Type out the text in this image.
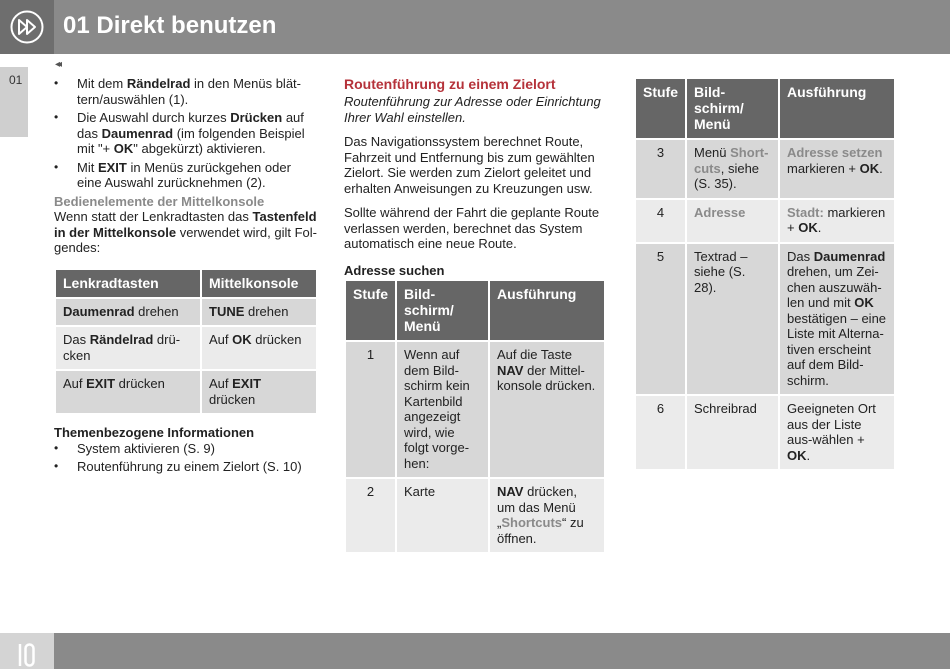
01 Direkt benutzen
01
◂◂
• Mit dem Rändelrad in den Menüs blät-tern/auswählen (1).
• Die Auswahl durch kurzes Drücken auf das Daumenrad (im folgenden Beispiel mit "+ OK" abgekürzt) aktivieren.
• Mit EXIT in Menüs zurückgehen oder eine Auswahl zurücknehmen (2).
Bedienelemente der Mittelkonsole
Wenn statt der Lenkradtasten das Tastenfeld in der Mittelkonsole verwendet wird, gilt Fol-gendes:
Lenkradtasten	Mittelkonsole
Daumenrad drehen	TUNE drehen
Das Rändelrad drü-cken	Auf OK drücken
Auf EXIT drücken	Auf EXIT drücken
Themenbezogene Informationen
• System aktivieren (S. 9)
• Routenführung zu einem Zielort (S. 10)
Routenführung zu einem Zielort
Routenführung zur Adresse oder Einrichtung Ihrer Wahl einstellen.
Das Navigationssystem berechnet Route, Fahrzeit und Entfernung bis zum gewählten Zielort. Sie werden zum Zielort geleitet und erhalten Anweisungen zu Kreuzungen usw.
Sollte während der Fahrt die geplante Route verlassen werden, berechnet das System automatisch eine neue Route.
Adresse suchen
Stufe	Bild-schirm/ Menü	Ausführung
1	Wenn auf dem Bild-schirm kein Kartenbild angezeigt wird, wie folgt vorge-hen:	Auf die Taste NAV der Mittel-konsole drücken.
2	Karte	NAV drücken, um das Menü „Shortcuts“ zu öffnen.
Stufe	Bild-schirm/ Menü	Ausführung
3	Menü Short-cuts, siehe (S. 35).	Adresse setzen markieren + OK.
4	Adresse	Stadt: markieren + OK.
5	Textrad – siehe (S. 28).	Das Daumenrad drehen, um Zei-chen auszuwäh-len und mit OK bestätigen – eine Liste mit Alterna-tiven erscheint auf dem Bild-schirm.
6	Schreibrad	Geeigneten Ort aus der Liste aus-wählen + OK.
